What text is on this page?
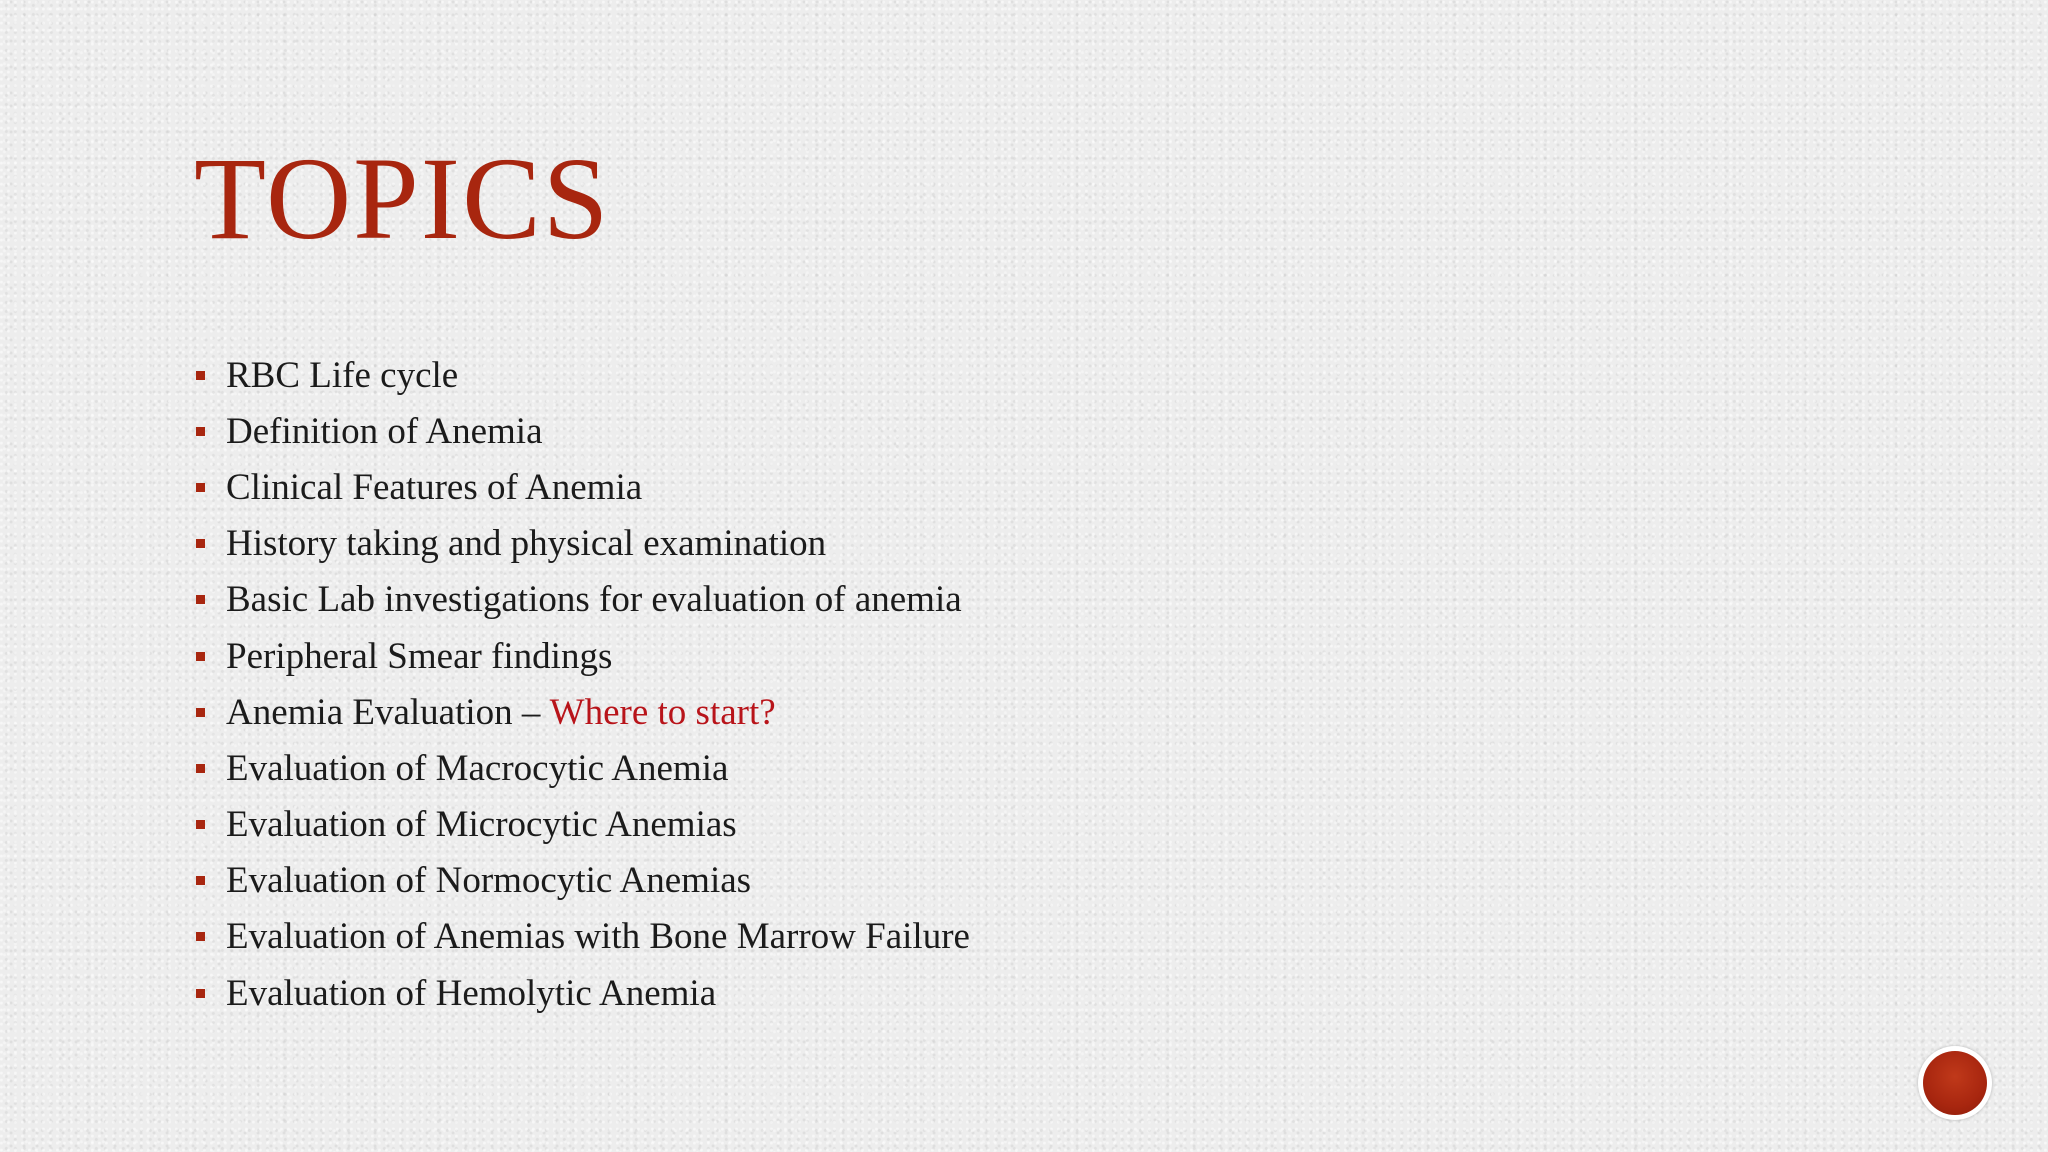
TOPICS
RBC Life cycle
Definition of Anemia
Clinical Features of Anemia
History taking and physical examination
Basic Lab investigations for evaluation of anemia
Peripheral Smear findings
Anemia Evaluation – Where to start?
Evaluation of Macrocytic Anemia
Evaluation of Microcytic Anemias
Evaluation of Normocytic Anemias
Evaluation of Anemias with Bone Marrow Failure
Evaluation of Hemolytic Anemia
